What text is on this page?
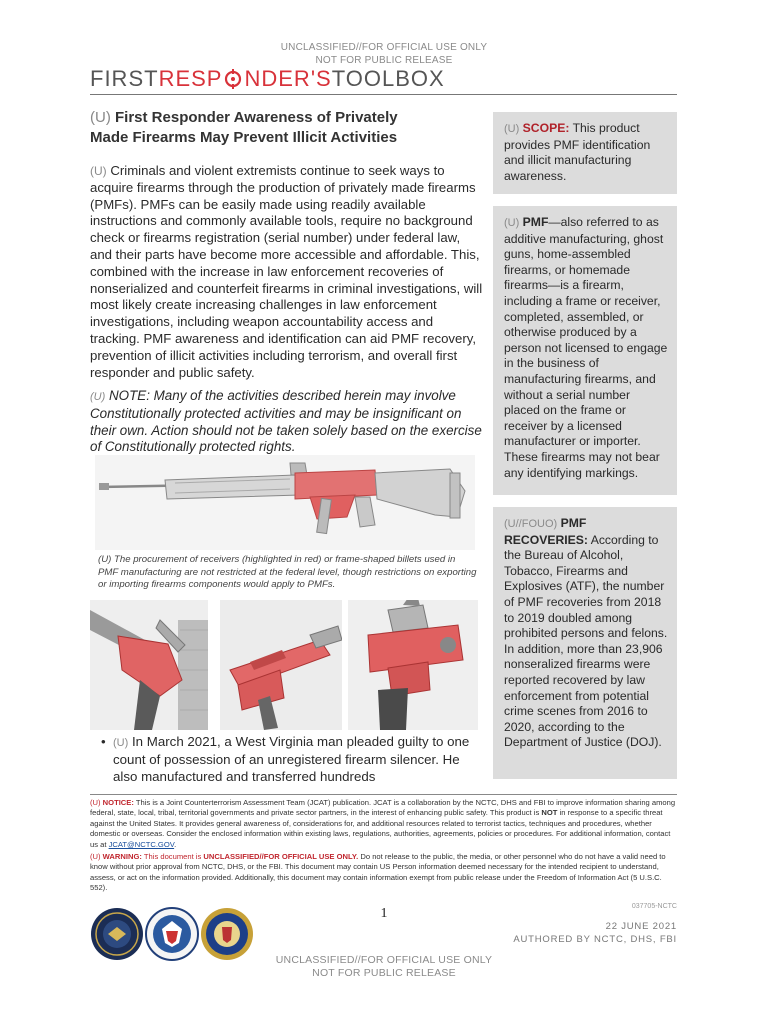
UNCLASSIFIED//FOR OFFICIAL USE ONLY
NOT FOR PUBLIC RELEASE
FIRSTRESP NDER'STOOLBOX
(U) First Responder Awareness of Privately
Made Firearms May Prevent Illicit Activities
(U) Criminals and violent extremists continue to seek ways to acquire firearms through the production of privately made firearms (PMFs). PMFs can be easily made using readily available instructions and commonly available tools, require no background check or firearms registration (serial number) under federal law, and their parts have become more accessible and affordable. This, combined with the increase in law enforcement recoveries of nonserialized and counterfeit firearms in criminal investigations, will most likely create increasing challenges in law enforcement investigations, including weapon accountability access and tracking. PMF awareness and identification can aid PMF recovery, prevention of illicit activities including terrorism, and overall first responder and public safety.
(U) NOTE: Many of the activities described herein may involve Constitutionally protected activities and may be insignificant on their own. Action should not be taken solely based on the exercise of Constitutionally protected rights.
(U) The procurement of receivers (highlighted in red) or frame-shaped billets used in PMF manufacturing are not restricted at the federal level, though restrictions on exporting or importing firearms components would apply to PMFs.
• (U) In March 2021, a West Virginia man pleaded guilty to one count of possession of an unregistered firearm silencer. He also manufactured and transferred hundreds
(U) SCOPE: This product provides PMF identification and illicit manufacturing awareness.
(U) PMF—also referred to as additive manufacturing, ghost guns, home-assembled firearms, or homemade firearms—is a firearm, including a frame or receiver, completed, assembled, or otherwise produced by a person not licensed to engage in the business of manufacturing firearms, and without a serial number placed on the frame or receiver by a licensed manufacturer or importer. These firearms may not bear any identifying markings.
(U//FOUO) PMF RECOVERIES: According to the Bureau of Alcohol, Tobacco, Firearms and Explosives (ATF), the number of PMF recoveries from 2018 to 2019 doubled among prohibited persons and felons. In addition, more than 23,906 nonseralized firearms were reported recovered by law enforcement from potential crime scenes from 2016 to 2020, according to the Department of Justice (DOJ).

(U) NOTICE: This is a Joint Counterterrorism Assessment Team (JCAT) publication. JCAT is a collaboration by the NCTC, DHS and FBI to improve information sharing among federal, state, local, tribal, territorial governments and private sector partners, in the interest of enhancing public safety. This product is NOT in response to a specific threat against the United States. It provides general awareness of, considerations for, and additional resources related to terrorist tactics, techniques and procedures, whether domestic or overseas. Consider the enclosed information within existing laws, regulations, authorities, agreements, policies or procedures. For additional information, contact us at JCAT@NCTC.GOV.

(U) WARNING: This document is UNCLASSIFIED//FOR OFFICIAL USE ONLY. Do not release to the public, the media, or other personnel who do not have a valid need to know without prior approval from NCTC, DHS, or the FBI. This document may contain US Person information deemed necessary for the intended recipient to understand, assess, or act on the information provided. Additionally, this document may contain information exempt from public release under the Freedom of Information Act (5 U.S.C. 552).

037705-NCTC
1
22 JUNE 2021
AUTHORED BY NCTC, DHS, FBI
UNCLASSIFIED//FOR OFFICIAL USE ONLY
NOT FOR PUBLIC RELEASE
